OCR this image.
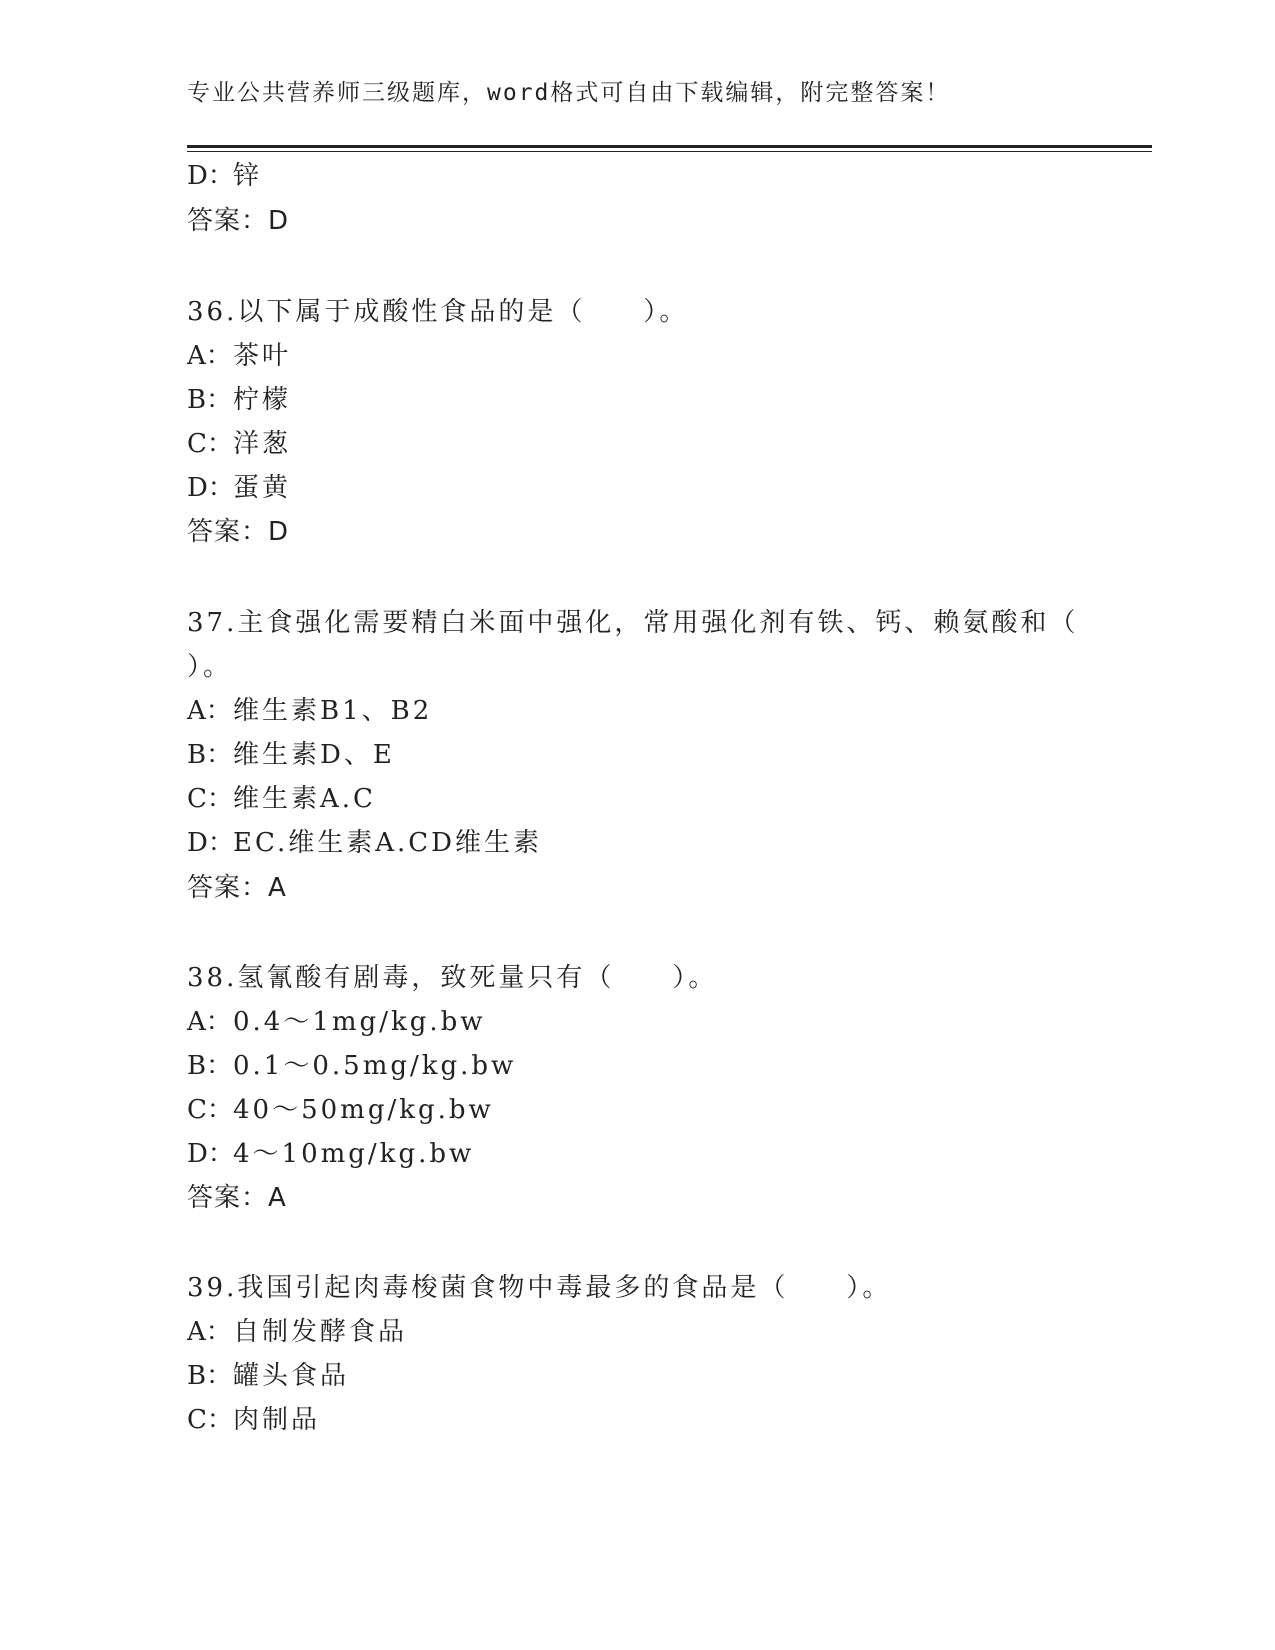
专业公共营养师三级题库，word格式可自由下载编辑，附完整答案！
D：锌
答案：D
36.以下属于成酸性食品的是（　　）。
A：茶叶
B：柠檬
C：洋葱
D：蛋黄
答案：D
37.主食强化需要精白米面中强化，常用强化剂有铁、钙、赖氨酸和（
）。
A：维生素B1、B2
B：维生素D、E
C：维生素A.C
D：EC.维生素A.CD维生素
答案：A
38.氢氰酸有剧毒，致死量只有（　　）。
A：0.4～1mg/kg.bw
B：0.1～0.5mg/kg.bw
C：40～50mg/kg.bw
D：4～10mg/kg.bw
答案：A
39.我国引起肉毒梭菌食物中毒最多的食品是（　　）。
A：自制发酵食品
B：罐头食品
C：肉制品
